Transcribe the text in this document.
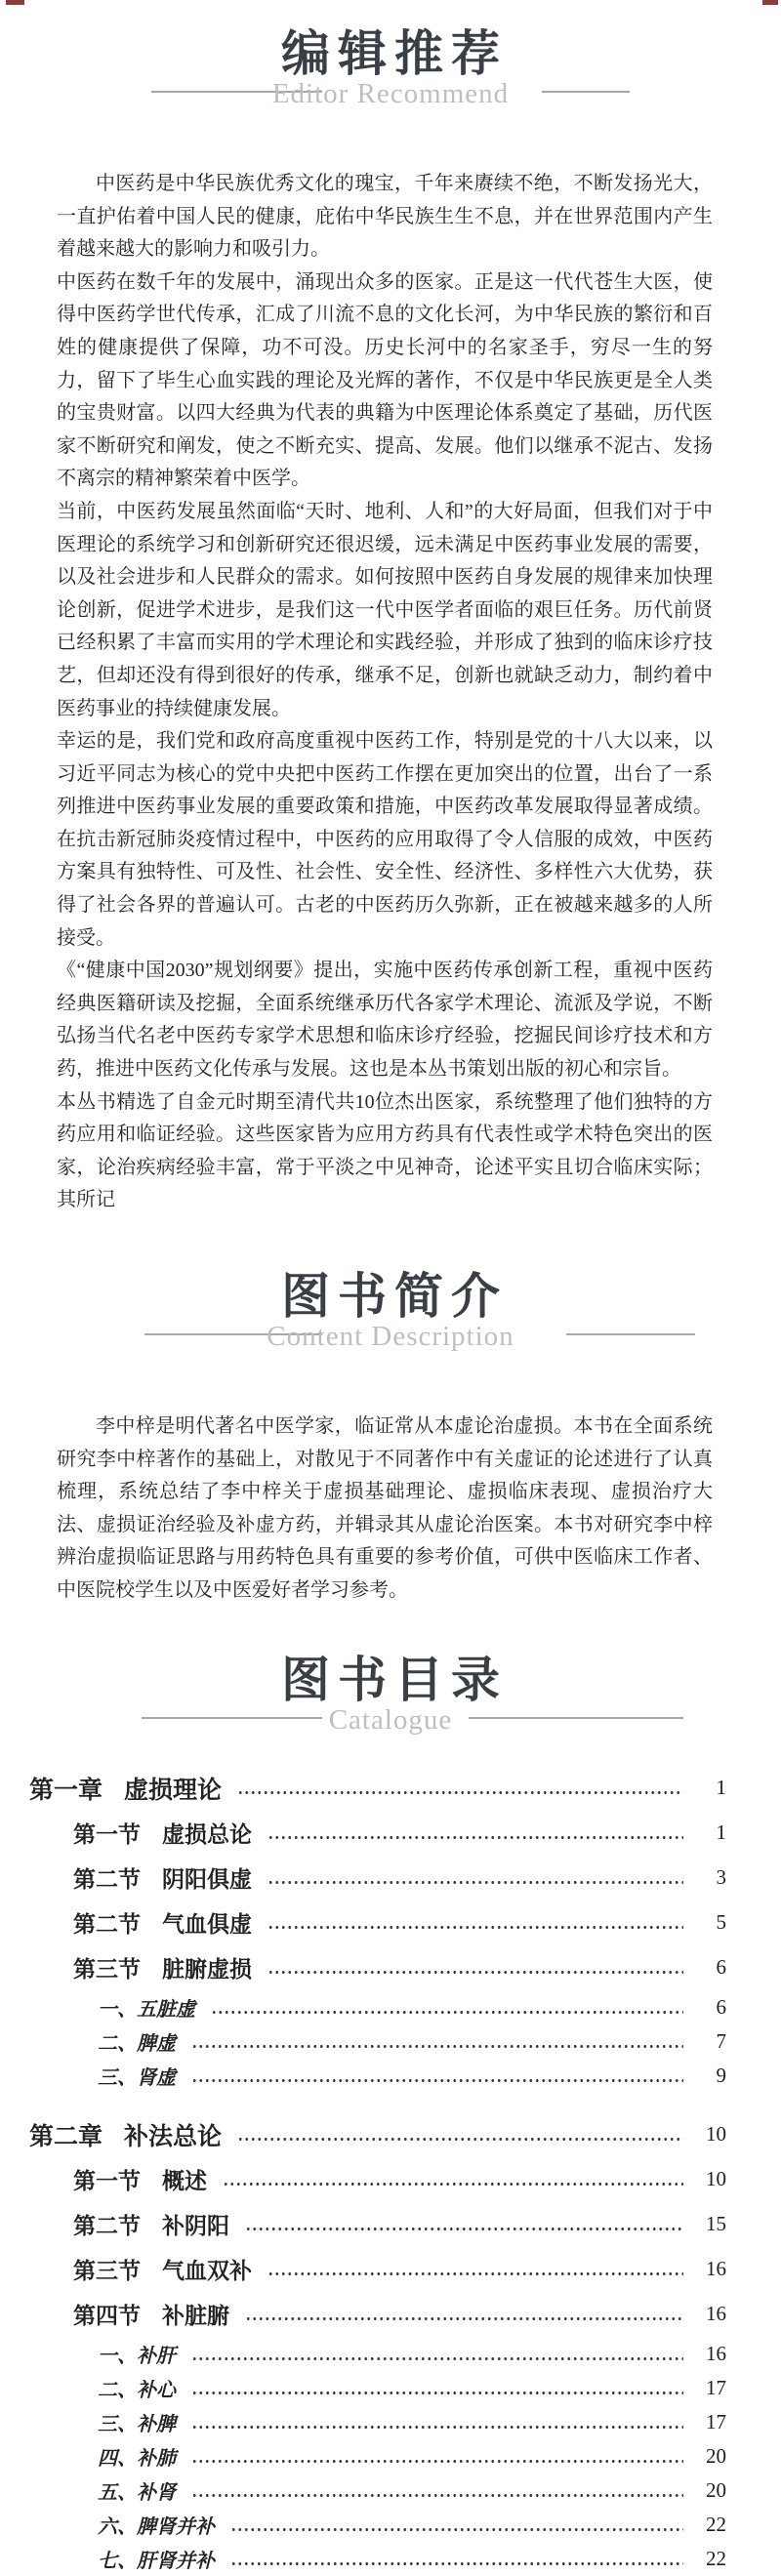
编辑推荐
Editor Recommend

中医药是中华民族优秀文化的瑰宝，千年来赓续不绝，不断发扬光大，一直护佑着中国人民的健康，庇佑中华民族生生不息，并在世界范围内产生着越来越大的影响力和吸引力。

中医药在数千年的发展中，涌现出众多的医家。正是这一代代苍生大医，使得中医药学世代传承，汇成了川流不息的文化长河，为中华民族的繁衍和百姓的健康提供了保障，功不可没。历史长河中的名家圣手，穷尽一生的努力，留下了毕生心血实践的理论及光辉的著作，不仅是中华民族更是全人类的宝贵财富。以四大经典为代表的典籍为中医理论体系奠定了基础，历代医家不断研究和阐发，使之不断充实、提高、发展。他们以继承不泥古、发扬不离宗的精神繁荣着中医学。

当前，中医药发展虽然面临“天时、地利、人和”的大好局面，但我们对于中医理论的系统学习和创新研究还很迟缓，远未满足中医药事业发展的需要，以及社会进步和人民群众的需求。如何按照中医药自身发展的规律来加快理论创新，促进学术进步，是我们这一代中医学者面临的艰巨任务。历代前贤已经积累了丰富而实用的学术理论和实践经验，并形成了独到的临床诊疗技艺，但却还没有得到很好的传承，继承不足，创新也就缺乏动力，制约着中医药事业的持续健康发展。

幸运的是，我们党和政府高度重视中医药工作，特别是党的十八大以来，以习近平同志为核心的党中央把中医药工作摆在更加突出的位置，出台了一系列推进中医药事业发展的重要政策和措施，中医药改革发展取得显著成绩。在抗击新冠肺炎疫情过程中，中医药的应用取得了令人信服的成效，中医药方案具有独特性、可及性、社会性、安全性、经济性、多样性六大优势，获得了社会各界的普遍认可。古老的中医药历久弥新，正在被越来越多的人所接受。

《“健康中国2030”规划纲要》提出，实施中医药传承创新工程，重视中医药经典医籍研读及挖掘，全面系统继承历代各家学术理论、流派及学说，不断弘扬当代名老中医药专家学术思想和临床诊疗经验，挖掘民间诊疗技术和方药，推进中医药文化传承与发展。这也是本丛书策划出版的初心和宗旨。

本丛书精选了自金元时期至清代共10位杰出医家，系统整理了他们独特的方药应用和临证经验。这些医家皆为应用方药具有代表性或学术特色突出的医家，论治疾病经验丰富，常于平淡之中见神奇，论述平实且切合临床实际；其所记

图书简介
Content Description

李中梓是明代著名中医学家，临证常从本虚论治虚损。本书在全面系统研究李中梓著作的基础上，对散见于不同著作中有关虚证的论述进行了认真梳理，系统总结了李中梓关于虚损基础理论、虚损临床表现、虚损治疗大法、虚损证治经验及补虚方药，并辑录其从虚论治医案。本书对研究李中梓辨治虚损临证思路与用药特色具有重要的参考价值，可供中医临床工作者、中医院校学生以及中医爱好者学习参考。

图书目录
Catalogue
第一章 虚损理论	1
第一节 虚损总论	1
第二节 阴阳俱虚	3
第二节 气血俱虚	5
第三节 脏腑虚损	6
一、 五脏虚	6
二、 脾虚	7
三、 肾虚	9
第二章 补法总论	10
第一节 概述	10
第二节 补阴阳	15
第三节 气血双补	16
第四节 补脏腑	16
一、 补肝	16
二、 补心	17
三、 补脾	17
四、 补肺	20
五、 补肾	20
六、 脾肾并补	22
七、 肝肾并补	22
